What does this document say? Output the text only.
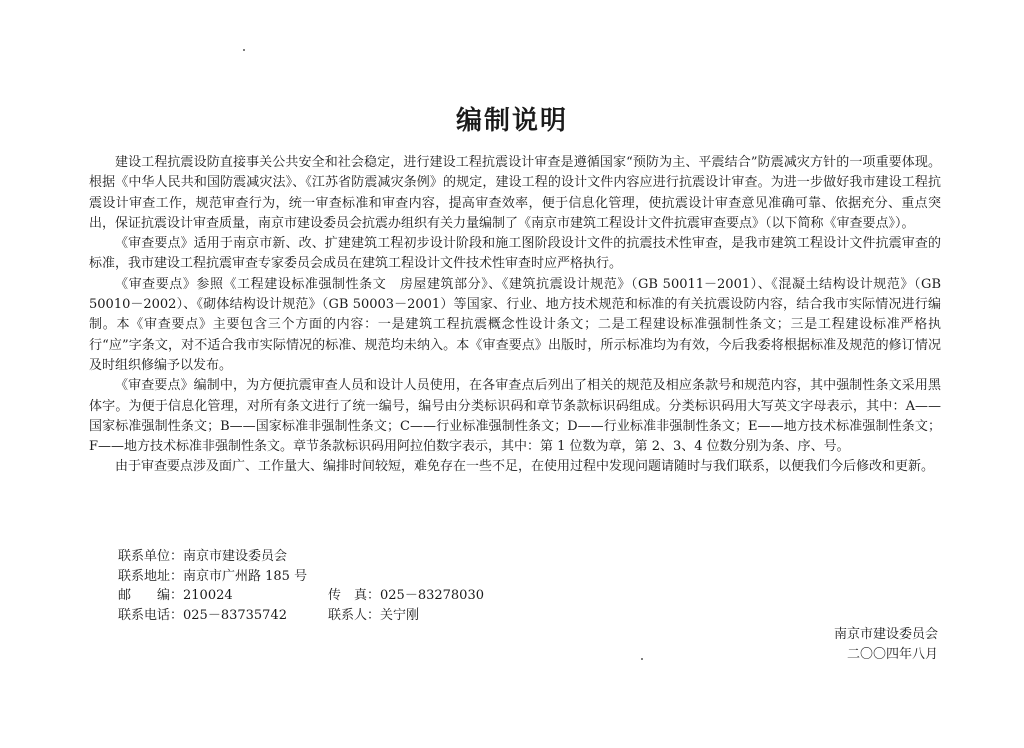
编制说明

建设工程抗震设防直接事关公共安全和社会稳定，进行建设工程抗震设计审查是遵循国家“预防为主、平震结合”防震减灾方针的一项重要体现。根据《中华人民共和国防震减灾法》、《江苏省防震减灾条例》的规定，建设工程的设计文件内容应进行抗震设计审查。为进一步做好我市建设工程抗震设计审查工作，规范审查行为，统一审查标准和审查内容，提高审查效率，便于信息化管理，使抗震设计审查意见准确可靠、依据充分、重点突出，保证抗震设计审查质量，南京市建设委员会抗震办组织有关力量编制了《南京市建筑工程设计文件抗震审查要点》（以下简称《审查要点》）。

《审查要点》适用于南京市新、改、扩建建筑工程初步设计阶段和施工图阶段设计文件的抗震技术性审查，是我市建筑工程设计文件抗震审查的标准，我市建设工程抗震审查专家委员会成员在建筑工程设计文件技术性审查时应严格执行。

《审查要点》参照《工程建设标准强制性条文　房屋建筑部分》、《建筑抗震设计规范》（GB 50011－2001）、《混凝土结构设计规范》（GB 50010－2002）、《砌体结构设计规范》（GB 50003－2001）等国家、行业、地方技术规范和标准的有关抗震设防内容，结合我市实际情况进行编制。本《审查要点》主要包含三个方面的内容：一是建筑工程抗震概念性设计条文；二是工程建设标准强制性条文；三是工程建设标准严格执行“应”字条文，对不适合我市实际情况的标准、规范均未纳入。本《审查要点》出版时，所示标准均为有效，今后我委将根据标准及规范的修订情况及时组织修编予以发布。

《审查要点》编制中，为方便抗震审查人员和设计人员使用，在各审查点后列出了相关的规范及相应条款号和规范内容，其中强制性条文采用黑体字。为便于信息化管理，对所有条文进行了统一编号，编号由分类标识码和章节条款标识码组成。分类标识码用大写英文字母表示，其中：A——国家标准强制性条文；B——国家标准非强制性条文；C——行业标准强制性条文；D——行业标准非强制性条文；E——地方技术标准强制性条文；F——地方技术标准非强制性条文。章节条款标识码用阿拉伯数字表示，其中：第 1 位数为章，第 2、3、4 位数分别为条、序、号。

由于审查要点涉及面广、工作量大、编排时间较短，难免存在一些不足，在使用过程中发现问题请随时与我们联系，以便我们今后修改和更新。

联系单位：南京市建设委员会
联系地址：南京市广州路 185 号
邮　　编：210024	传　真：025－83278030
联系电话：025－83735742	联系人：关宁刚
南京市建设委员会
二〇〇四年八月
